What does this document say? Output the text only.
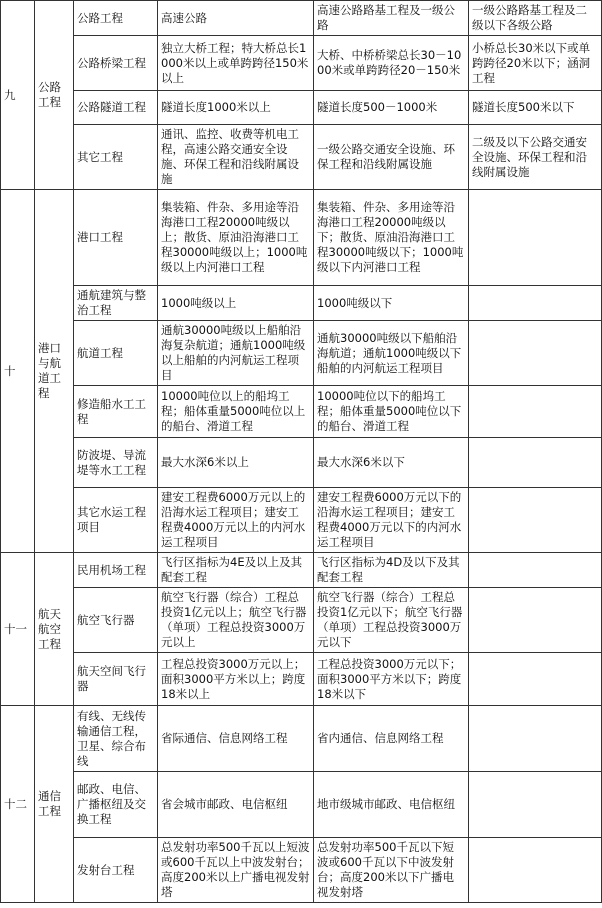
九	公路工程	公路工程	高速公路	高速公路路基工程及一级公路	一级公路路基工程及二级以下各级公路
		公路桥梁工程	独立大桥工程；特大桥总长1000米以上或单跨跨径150米以上	大桥、中桥桥梁总长30－1000米或单跨跨径20－150米	小桥总长30米以下或单跨跨径20米以下；涵洞工程
		公路隧道工程	隧道长度1000米以上	隧道长度500－1000米	隧道长度500米以下
		其它工程	通讯、监控、收费等机电工程，高速公路交通安全设施、环保工程和沿线附属设施	一级公路交通安全设施、环保工程和沿线附属设施	二级及以下公路交通安全设施、环保工程和沿线附属设施
十	港口与航道工程	港口工程	集装箱、件杂、多用途等沿海港口工程20000吨级以上；散货、原油沿海港口工程30000吨级以上；1000吨级以上内河港口工程	集装箱、件杂、多用途等沿海港口工程20000吨级以下；散货、原油沿海港口工程30000吨级以下；1000吨级以下内河港口工程	
		通航建筑与整治工程	1000吨级以上	1000吨级以下	
		航道工程	通航30000吨级以上船舶沿海复杂航道；通航1000吨级以上船舶的内河航运工程项目	通航30000吨级以下船舶沿海航道；通航1000吨级以下船舶的内河航运工程项目	
		修造船水工工程	10000吨位以上的船坞工程；船体重量5000吨位以上的船台、滑道工程	10000吨位以下的船坞工程；船体重量5000吨位以下的船台、滑道工程	
		防波堤、导流堤等水工工程	最大水深6米以上	最大水深6米以下	
		其它水运工程项目	建安工程费6000万元以上的沿海水运工程项目；建安工程费4000万元以上的内河水运工程项目	建安工程费6000万元以下的沿海水运工程项目；建安工程费4000万元以下的内河水运工程项目	
十一	航天航空工程	民用机场工程	飞行区指标为4E及以上及其配套工程	飞行区指标为4D及以下及其配套工程	
		航空飞行器	航空飞行器（综合）工程总投资1亿元以上；航空飞行器（单项）工程总投资3000万元以上	航空飞行器（综合）工程总投资1亿元以下；航空飞行器（单项）工程总投资3000万元以下	
		航天空间飞行器	工程总投资3000万元以上；面积3000平方米以上；跨度18米以上	工程总投资3000万元以下；面积3000平方米以下；跨度18米以下	
十二	通信工程	有线、无线传输通信工程，卫星、综合布线	省际通信、信息网络工程	省内通信、信息网络工程	
		邮政、电信、广播枢纽及交换工程	省会城市邮政、电信枢纽	地市级城市邮政、电信枢纽	
		发射台工程	总发射功率500千瓦以上短波或600千瓦以上中波发射台；高度200米以上广播电视发射塔	总发射功率500千瓦以下短波或600千瓦以下中波发射台；高度200米以下广播电视发射塔	
